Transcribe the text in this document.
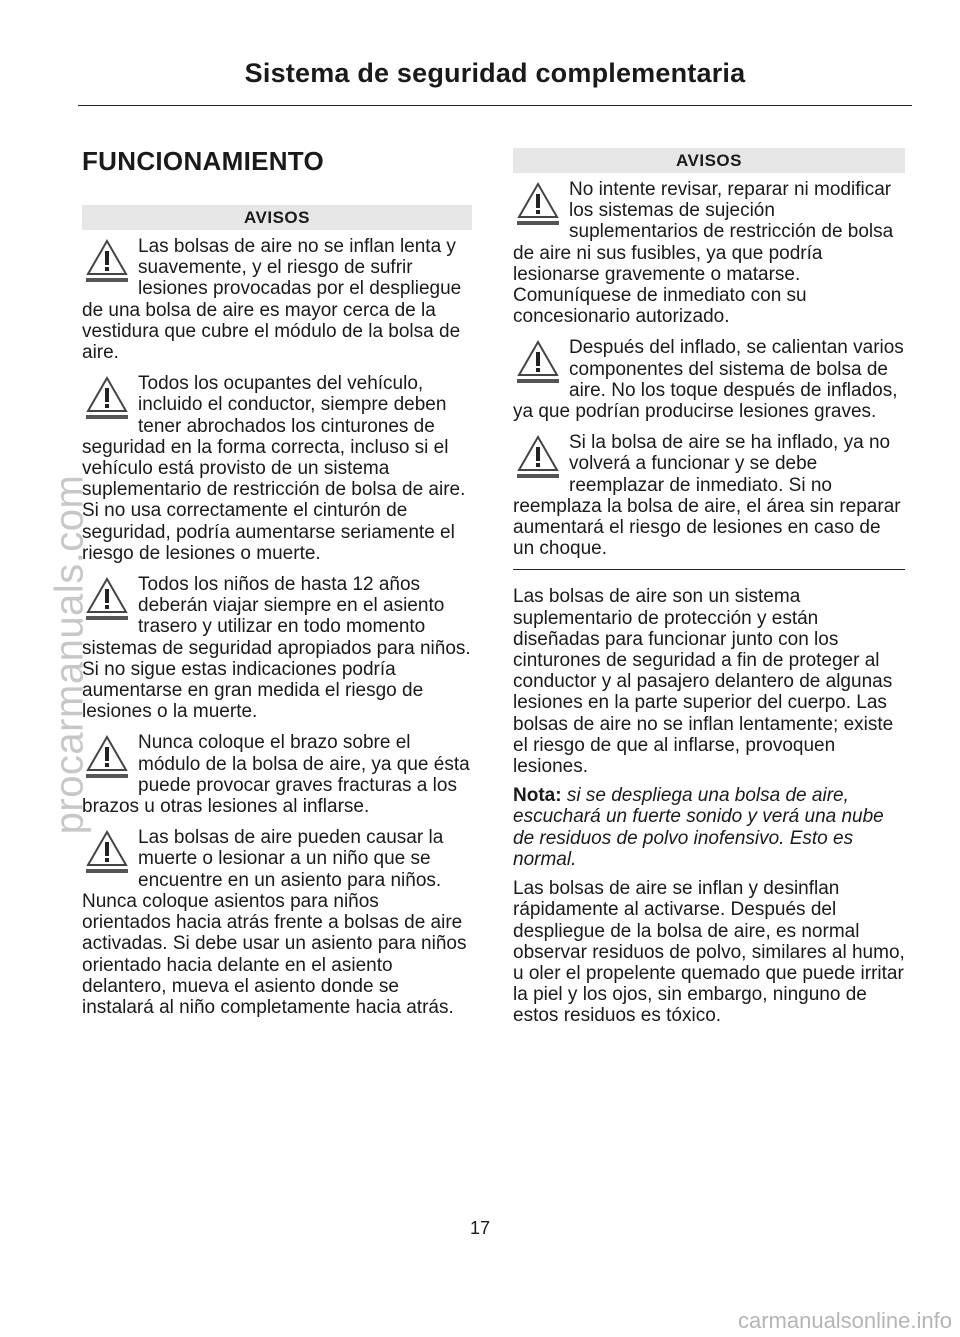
Sistema de seguridad complementaria
FUNCIONAMIENTO
AVISOS
Las bolsas de aire no se inflan lenta y suavemente, y el riesgo de sufrir lesiones provocadas por el despliegue de una bolsa de aire es mayor cerca de la vestidura que cubre el módulo de la bolsa de aire.
Todos los ocupantes del vehículo, incluido el conductor, siempre deben tener abrochados los cinturones de seguridad en la forma correcta, incluso si el vehículo está provisto de un sistema suplementario de restricción de bolsa de aire. Si no usa correctamente el cinturón de seguridad, podría aumentarse seriamente el riesgo de lesiones o muerte.
Todos los niños de hasta 12 años deberán viajar siempre en el asiento trasero y utilizar en todo momento sistemas de seguridad apropiados para niños. Si no sigue estas indicaciones podría aumentarse en gran medida el riesgo de lesiones o la muerte.
Nunca coloque el brazo sobre el módulo de la bolsa de aire, ya que ésta puede provocar graves fracturas a los brazos u otras lesiones al inflarse.
Las bolsas de aire pueden causar la muerte o lesionar a un niño que se encuentre en un asiento para niños. Nunca coloque asientos para niños orientados hacia atrás frente a bolsas de aire activadas. Si debe usar un asiento para niños orientado hacia delante en el asiento delantero, mueva el asiento donde se instalará al niño completamente hacia atrás.
AVISOS
No intente revisar, reparar ni modificar los sistemas de sujeción suplementarios de restricción de bolsa de aire ni sus fusibles, ya que podría lesionarse gravemente o matarse. Comuníquese de inmediato con su concesionario autorizado.
Después del inflado, se calientan varios componentes del sistema de bolsa de aire. No los toque después de inflados, ya que podrían producirse lesiones graves.
Si la bolsa de aire se ha inflado, ya no volverá a funcionar y se debe reemplazar de inmediato. Si no reemplaza la bolsa de aire, el área sin reparar aumentará el riesgo de lesiones en caso de un choque.

Las bolsas de aire son un sistema suplementario de protección y están diseñadas para funcionar junto con los cinturones de seguridad a fin de proteger al conductor y al pasajero delantero de algunas lesiones en la parte superior del cuerpo. Las bolsas de aire no se inflan lentamente; existe el riesgo de que al inflarse, provoquen lesiones.

Nota: si se despliega una bolsa de aire, escuchará un fuerte sonido y verá una nube de residuos de polvo inofensivo. Esto es normal.

Las bolsas de aire se inflan y desinflan rápidamente al activarse. Después del despliegue de la bolsa de aire, es normal observar residuos de polvo, similares al humo, u oler el propelente quemado que puede irritar la piel y los ojos, sin embargo, ninguno de estos residuos es tóxico.

17
procarmanuals.com
carmanualsonline.info
